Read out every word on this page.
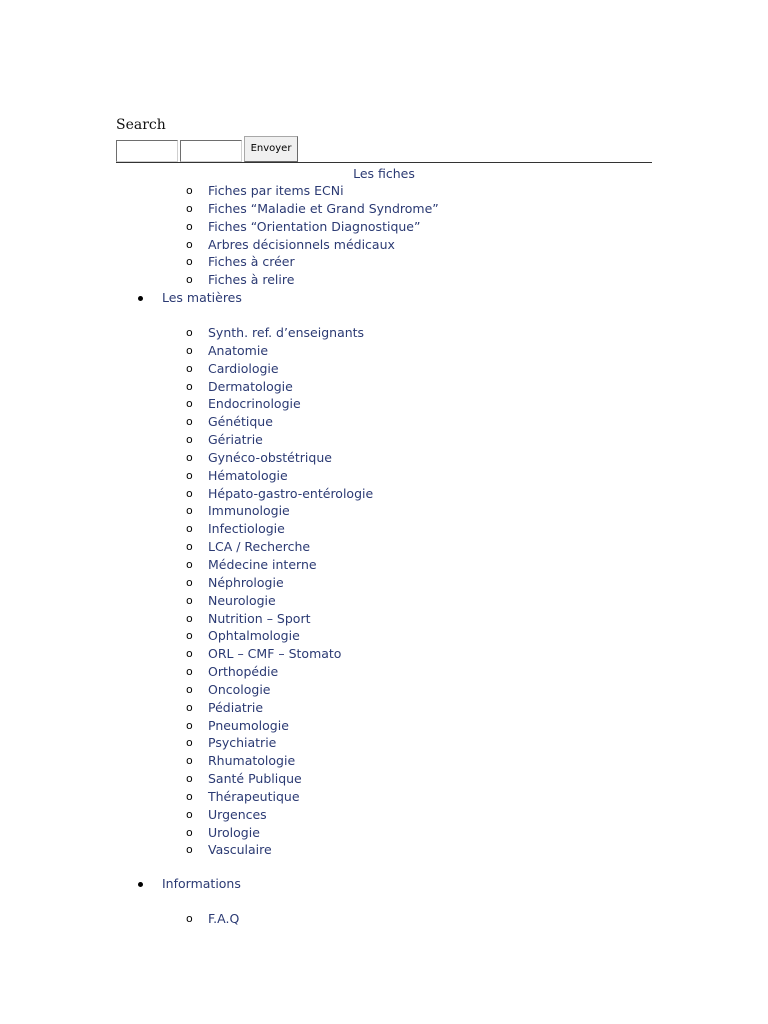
Search
Envoyer
Les fiches
o Fiches par items ECNi
o Fiches “Maladie et Grand Syndrome”
o Fiches “Orientation Diagnostique”
o Arbres décisionnels médicaux
o Fiches à créer
o Fiches à relire
Les matières
o Synth. ref. d’enseignants
o Anatomie
o Cardiologie
o Dermatologie
o Endocrinologie
o Génétique
o Gériatrie
o Gynéco-obstétrique
o Hématologie
o Hépato-gastro-entérologie
o Immunologie
o Infectiologie
o LCA / Recherche
o Médecine interne
o Néphrologie
o Neurologie
o Nutrition – Sport
o Ophtalmologie
o ORL – CMF – Stomato
o Orthopédie
o Oncologie
o Pédiatrie
o Pneumologie
o Psychiatrie
o Rhumatologie
o Santé Publique
o Thérapeutique
o Urgences
o Urologie
o Vasculaire
Informations
o F.A.Q
